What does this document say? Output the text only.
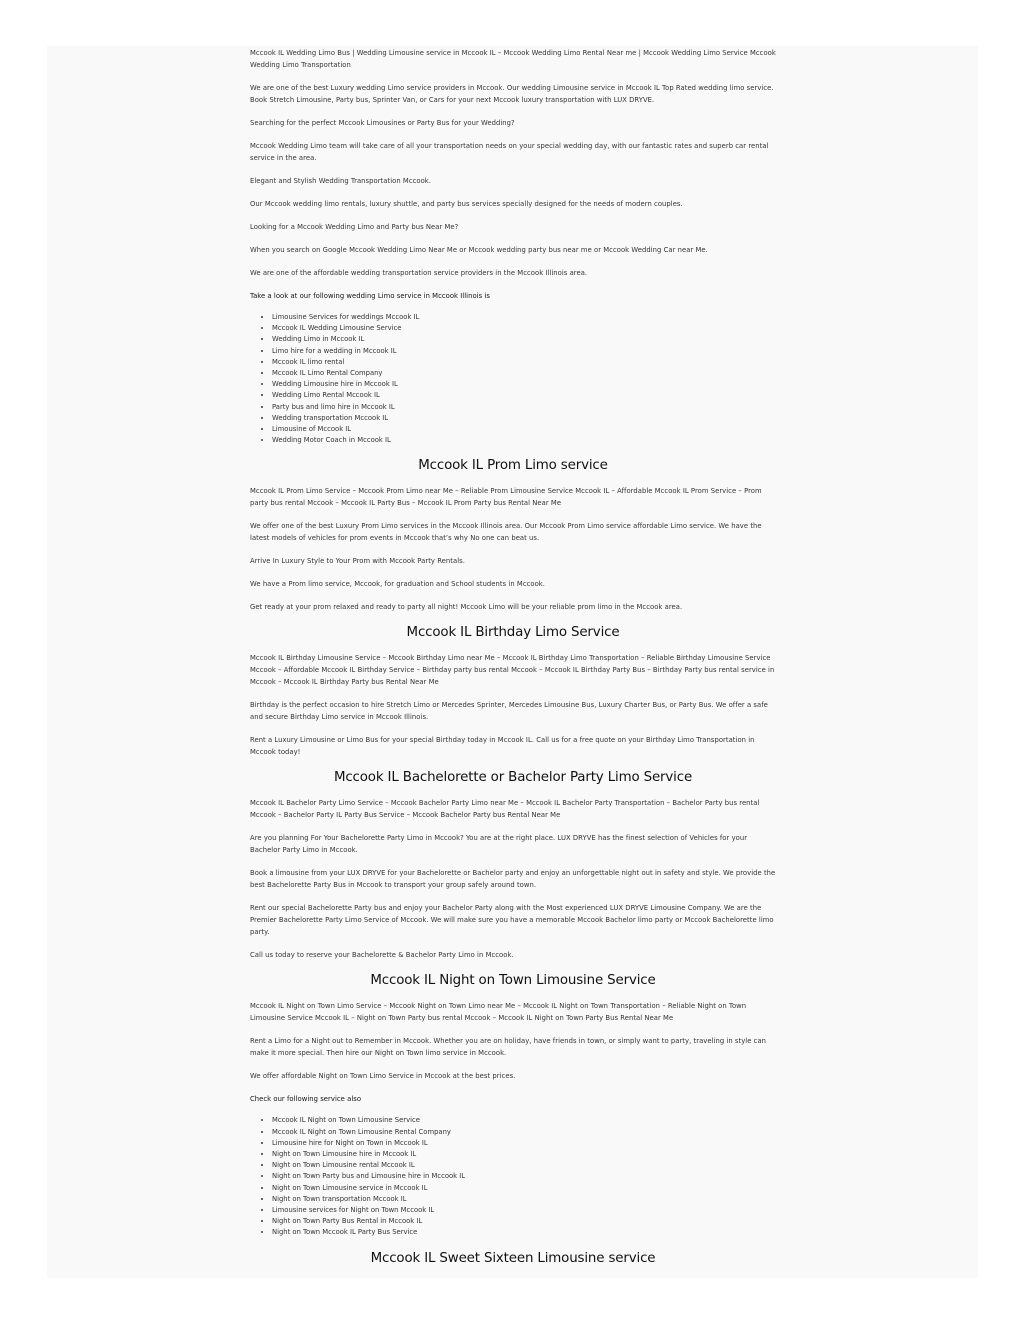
Mccook IL Wedding Limo Bus | Wedding Limousine service in Mccook IL – Mccook Wedding Limo Rental Near me | Mccook Wedding Limo Service Mccook Wedding Limo Transportation

We are one of the best Luxury wedding Limo service providers in Mccook. Our wedding Limousine service in Mccook IL Top Rated wedding limo service. Book Stretch Limousine, Party bus, Sprinter Van, or Cars for your next Mccook luxury transportation with LUX DRYVE.

Searching for the perfect Mccook Limousines or Party Bus for your Wedding?

Mccook Wedding Limo team will take care of all your transportation needs on your special wedding day, with our fantastic rates and superb car rental service in the area.

Elegant and Stylish Wedding Transportation Mccook.

Our Mccook wedding limo rentals, luxury shuttle, and party bus services specially designed for the needs of modern couples.

Looking for a Mccook Wedding Limo and Party bus Near Me?

When you search on Google Mccook Wedding Limo Near Me or Mccook wedding party bus near me or Mccook Wedding Car near Me.

We are one of the affordable wedding transportation service providers in the Mccook Illinois area.

Take a look at our following wedding Limo service in Mccook Illinois is

• Limousine Services for weddings Mccook IL
• Mccook IL Wedding Limousine Service
• Wedding Limo in Mccook IL
• Limo hire for a wedding in Mccook IL
• Mccook IL limo rental
• Mccook IL Limo Rental Company
• Wedding Limousine hire in Mccook IL
• Wedding Limo Rental Mccook IL
• Party bus and limo hire in Mccook IL
• Wedding transportation Mccook IL
• Limousine of Mccook IL
• Wedding Motor Coach in Mccook IL
Mccook IL Prom Limo service

Mccook IL Prom Limo Service – Mccook Prom Limo near Me – Reliable Prom Limousine Service Mccook IL – Affordable Mccook IL Prom Service – Prom party bus rental Mccook – Mccook IL Party Bus – Mccook IL Prom Party bus Rental Near Me

We offer one of the best Luxury Prom Limo services in the Mccook Illinois area. Our Mccook Prom Limo service affordable Limo service. We have the latest models of vehicles for prom events in Mccook that’s why No one can beat us.

Arrive In Luxury Style to Your Prom with Mccook Party Rentals.

We have a Prom limo service, Mccook, for graduation and School students in Mccook.

Get ready at your prom relaxed and ready to party all night! Mccook Limo will be your reliable prom limo in the Mccook area.

Mccook IL Birthday Limo Service

Mccook IL Birthday Limousine Service – Mccook Birthday Limo near Me – Mccook IL Birthday Limo Transportation – Reliable Birthday Limousine Service Mccook – Affordable Mccook IL Birthday Service – Birthday party bus rental Mccook – Mccook IL Birthday Party Bus – Birthday Party bus rental service in Mccook – Mccook IL Birthday Party bus Rental Near Me

Birthday is the perfect occasion to hire Stretch Limo or Mercedes Sprinter, Mercedes Limousine Bus, Luxury Charter Bus, or Party Bus. We offer a safe and secure Birthday Limo service in Mccook Illinois.

Rent a Luxury Limousine or Limo Bus for your special Birthday today in Mccook IL. Call us for a free quote on your Birthday Limo Transportation in Mccook today!

Mccook IL Bachelorette or Bachelor Party Limo Service

Mccook IL Bachelor Party Limo Service – Mccook Bachelor Party Limo near Me – Mccook IL Bachelor Party Transportation – Bachelor Party bus rental Mccook – Bachelor Party IL Party Bus Service – Mccook Bachelor Party bus Rental Near Me

Are you planning For Your Bachelorette Party Limo in Mccook? You are at the right place. LUX DRYVE has the finest selection of Vehicles for your Bachelor Party Limo in Mccook.

Book a limousine from your LUX DRYVE for your Bachelorette or Bachelor party and enjoy an unforgettable night out in safety and style. We provide the best Bachelorette Party Bus in Mccook to transport your group safely around town.

Rent our special Bachelorette Party bus and enjoy your Bachelor Party along with the Most experienced LUX DRYVE Limousine Company. We are the Premier Bachelorette Party Limo Service of Mccook. We will make sure you have a memorable Mccook Bachelor limo party or Mccook Bachelorette limo party.

Call us today to reserve your Bachelorette & Bachelor Party Limo in Mccook.

Mccook IL Night on Town Limousine Service

Mccook IL Night on Town Limo Service – Mccook Night on Town Limo near Me – Mccook IL Night on Town Transportation – Reliable Night on Town Limousine Service Mccook IL – Night on Town Party bus rental Mccook – Mccook IL Night on Town Party Bus Rental Near Me

Rent a Limo for a Night out to Remember in Mccook. Whether you are on holiday, have friends in town, or simply want to party, traveling in style can make it more special. Then hire our Night on Town limo service in Mccook.

We offer affordable Night on Town Limo Service in Mccook at the best prices.

Check our following service also

• Mccook IL Night on Town Limousine Service
• Mccook IL Night on Town Limousine Rental Company
• Limousine hire for Night on Town in Mccook IL
• Night on Town Limousine hire in Mccook IL
• Night on Town Limousine rental Mccook IL
• Night on Town Party bus and Limousine hire in Mccook IL
• Night on Town Limousine service in Mccook IL
• Night on Town transportation Mccook IL
• Limousine services for Night on Town Mccook IL
• Night on Town Party Bus Rental in Mccook IL
• Night on Town Mccook IL Party Bus Service
Mccook IL Sweet Sixteen Limousine service
